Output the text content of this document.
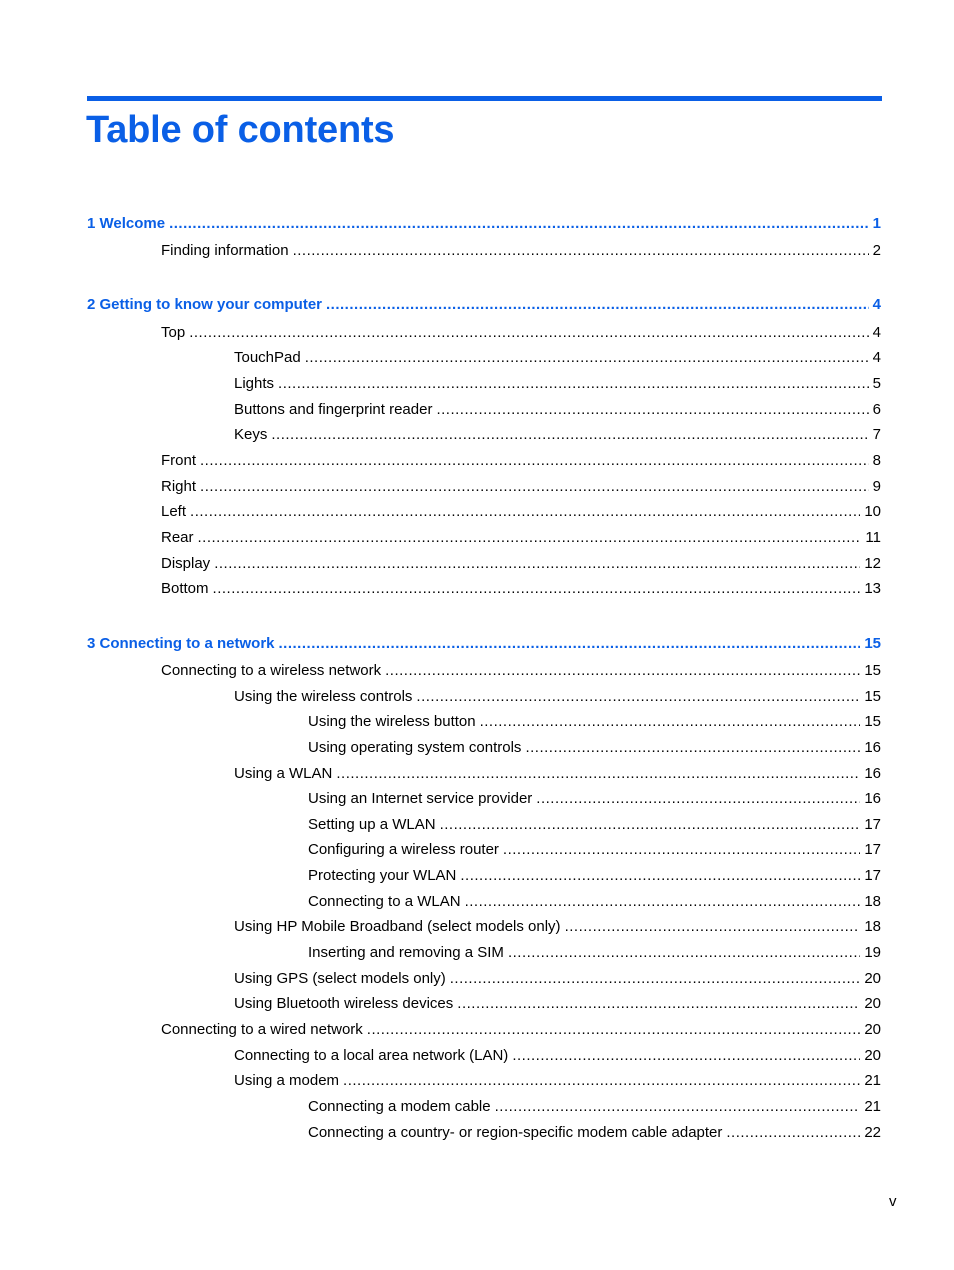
Table of contents
1 Welcome .....	1
Finding information .....	2
2 Getting to know your computer .....	4
Top .....	4
TouchPad .....	4
Lights .....	5
Buttons and fingerprint reader .....	6
Keys .....	7
Front .....	8
Right .....	9
Left .....	10
Rear .....	11
Display .....	12
Bottom .....	13
3 Connecting to a network .....	15
Connecting to a wireless network .....	15
Using the wireless controls .....	15
Using the wireless button .....	15
Using operating system controls .....	16
Using a WLAN .....	16
Using an Internet service provider .....	16
Setting up a WLAN .....	17
Configuring a wireless router .....	17
Protecting your WLAN .....	17
Connecting to a WLAN .....	18
Using HP Mobile Broadband (select models only) .....	18
Inserting and removing a SIM .....	19
Using GPS (select models only) .....	20
Using Bluetooth wireless devices .....	20
Connecting to a wired network .....	20
Connecting to a local area network (LAN) .....	20
Using a modem .....	21
Connecting a modem cable .....	21
Connecting a country- or region-specific modem cable adapter .....	22
v
